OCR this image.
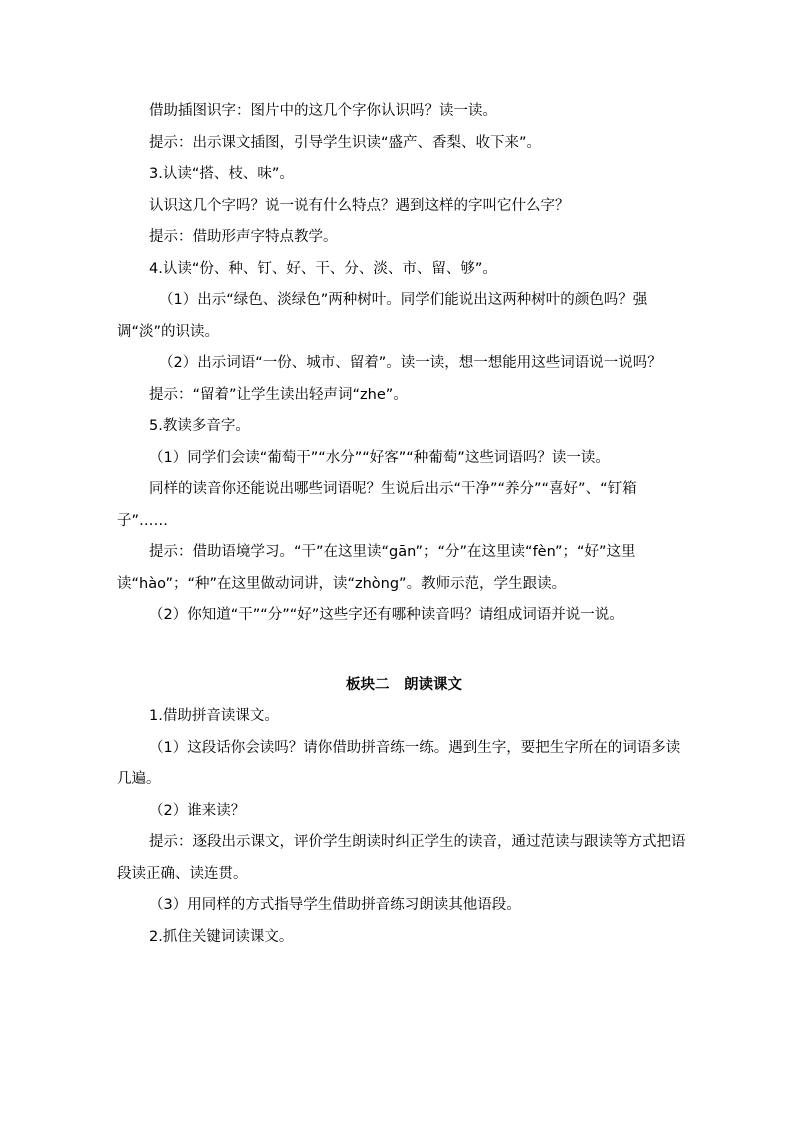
借助插图识字：图片中的这几个字你认识吗？读一读。

提示：出示课文插图，引导学生识读“盛产、香梨、收下来”。

3.认读“搭、枝、味”。

认识这几个字吗？说一说有什么特点？遇到这样的字叫它什么字？

提示：借助形声字特点教学。

4.认读“份、种、钉、好、干、分、淡、市、留、够”。

（1）出示“绿色、淡绿色”两种树叶。同学们能说出这两种树叶的颜色吗？强调“淡”的识读。

（2）出示词语“一份、城市、留着”。读一读，想一想能用这些词语说一说吗？

提示：“留着”让学生读出轻声词“zhe”。

5.教读多音字。

（1）同学们会读“葡萄干”“水分”“好客”“种葡萄”这些词语吗？读一读。

同样的读音你还能说出哪些词语呢？生说后出示“干净”“养分”“喜好”、“钉箱子”……

提示：借助语境学习。“干”在这里读“gān”；“分”在这里读“fèn”；“好”这里读“hào”；“种”在这里做动词讲，读“zhòng”。教师示范，学生跟读。

（2）你知道“干”“分”“好”这些字还有哪种读音吗？请组成词语并说一说。

板块二　朗读课文

1.借助拼音读课文。

（1）这段话你会读吗？请你借助拼音练一练。遇到生字，要把生字所在的词语多读几遍。

（2）谁来读？

提示：逐段出示课文，评价学生朗读时纠正学生的读音，通过范读与跟读等方式把语段读正确、读连贯。

（3）用同样的方式指导学生借助拼音练习朗读其他语段。

2.抓住关键词读课文。
